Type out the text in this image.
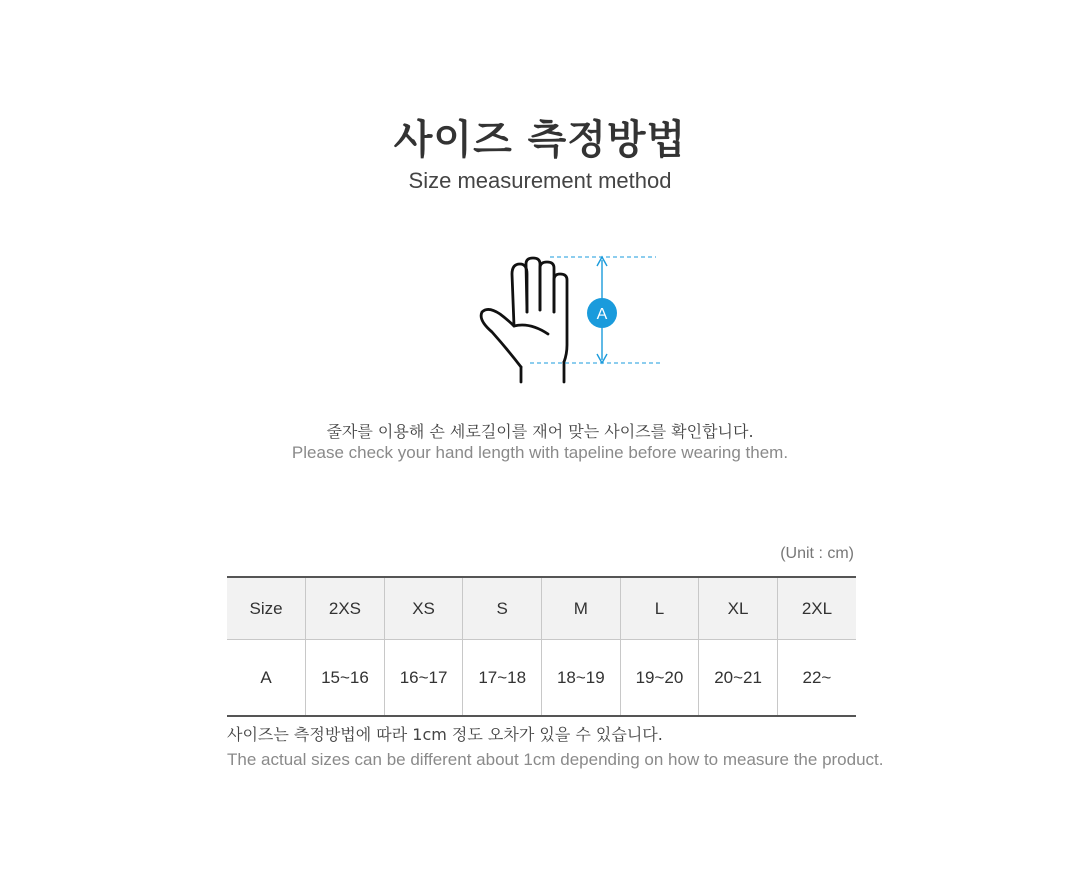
사이즈 측정방법
Size measurement method
A
줄자를 이용해 손 세로길이를 재어 맞는 사이즈를 확인합니다.
Please check your hand length with tapeline before wearing them.
(Unit : cm)
Size	2XS	XS	S	M	L	XL	2XL
A	15~16	16~17	17~18	18~19	19~20	20~21	22~
사이즈는 측정방법에 따라 1cm 정도 오차가 있을 수 있습니다.
The actual sizes can be different about 1cm depending on how to measure the product.
